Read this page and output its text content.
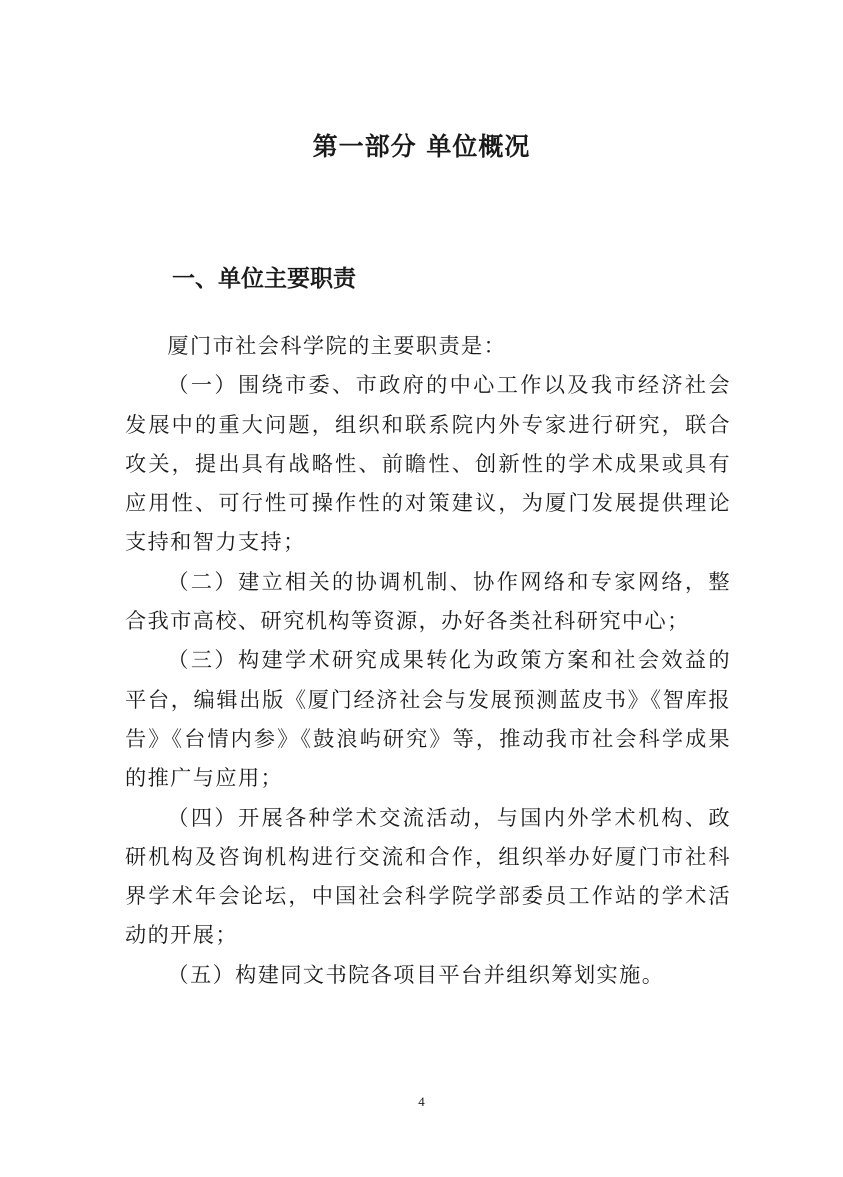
第一部分 单位概况
一、单位主要职责

厦门市社会科学院的主要职责是：

（一）围绕市委、市政府的中心工作以及我市经济社会发展中的重大问题，组织和联系院内外专家进行研究，联合攻关，提出具有战略性、前瞻性、创新性的学术成果或具有应用性、可行性可操作性的对策建议，为厦门发展提供理论支持和智力支持；

（二）建立相关的协调机制、协作网络和专家网络，整合我市高校、研究机构等资源，办好各类社科研究中心；

（三）构建学术研究成果转化为政策方案和社会效益的平台，编辑出版《厦门经济社会与发展预测蓝皮书》《智库报告》《台情内参》《鼓浪屿研究》等，推动我市社会科学成果的推广与应用；

（四）开展各种学术交流活动，与国内外学术机构、政研机构及咨询机构进行交流和合作，组织举办好厦门市社科界学术年会论坛，中国社会科学院学部委员工作站的学术活动的开展；

（五）构建同文书院各项目平台并组织筹划实施。

4
